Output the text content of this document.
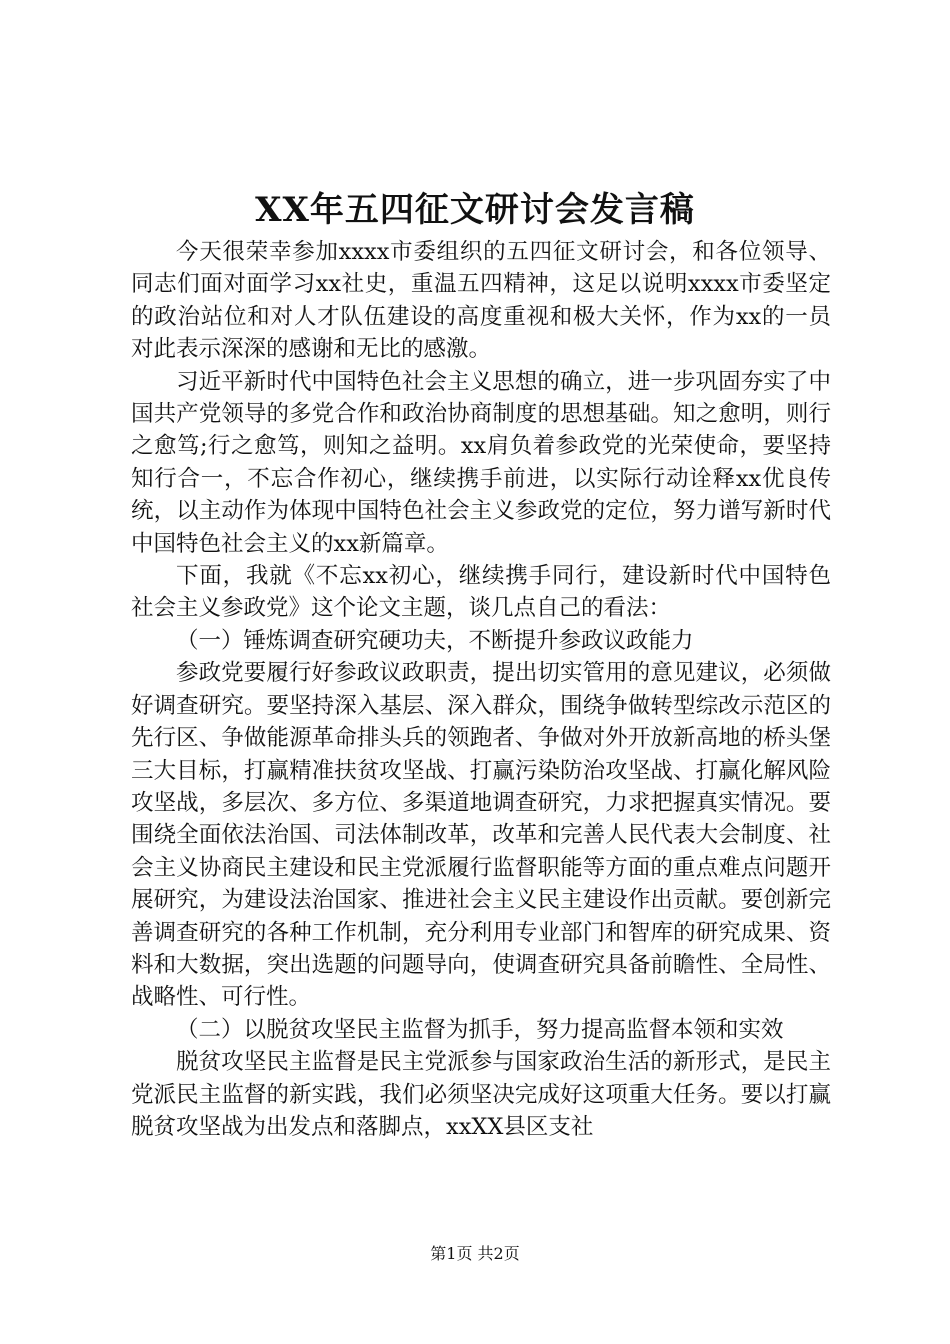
XX年五四征文研讨会发言稿

今天很荣幸参加xxxx市委组织的五四征文研讨会，和各位领导、同志们面对面学习xx社史，重温五四精神，这足以说明xxxx市委坚定的政治站位和对人才队伍建设的高度重视和极大关怀，作为xx的一员对此表示深深的感谢和无比的感激。

习近平新时代中国特色社会主义思想的确立，进一步巩固夯实了中国共产党领导的多党合作和政治协商制度的思想基础。知之愈明，则行之愈笃;行之愈笃，则知之益明。xx肩负着参政党的光荣使命，要坚持知行合一，不忘合作初心，继续携手前进，以实际行动诠释xx优良传统，以主动作为体现中国特色社会主义参政党的定位，努力谱写新时代中国特色社会主义的xx新篇章。

下面，我就《不忘xx初心，继续携手同行，建设新时代中国特色社会主义参政党》这个论文主题，谈几点自己的看法：

（一）锤炼调查研究硬功夫，不断提升参政议政能力

参政党要履行好参政议政职责，提出切实管用的意见建议，必须做好调查研究。要坚持深入基层、深入群众，围绕争做转型综改示范区的先行区、争做能源革命排头兵的领跑者、争做对外开放新高地的桥头堡三大目标，打赢精准扶贫攻坚战、打赢污染防治攻坚战、打赢化解风险攻坚战，多层次、多方位、多渠道地调查研究，力求把握真实情况。要围绕全面依法治国、司法体制改革，改革和完善人民代表大会制度、社会主义协商民主建设和民主党派履行监督职能等方面的重点难点问题开展研究，为建设法治国家、推进社会主义民主建设作出贡献。要创新完善调查研究的各种工作机制，充分利用专业部门和智库的研究成果、资料和大数据，突出选题的问题导向，使调查研究具备前瞻性、全局性、战略性、可行性。

（二）以脱贫攻坚民主监督为抓手，努力提高监督本领和实效

脱贫攻坚民主监督是民主党派参与国家政治生活的新形式，是民主党派民主监督的新实践，我们必须坚决完成好这项重大任务。要以打赢脱贫攻坚战为出发点和落脚点，xxXX县区支社

第1页 共2页
